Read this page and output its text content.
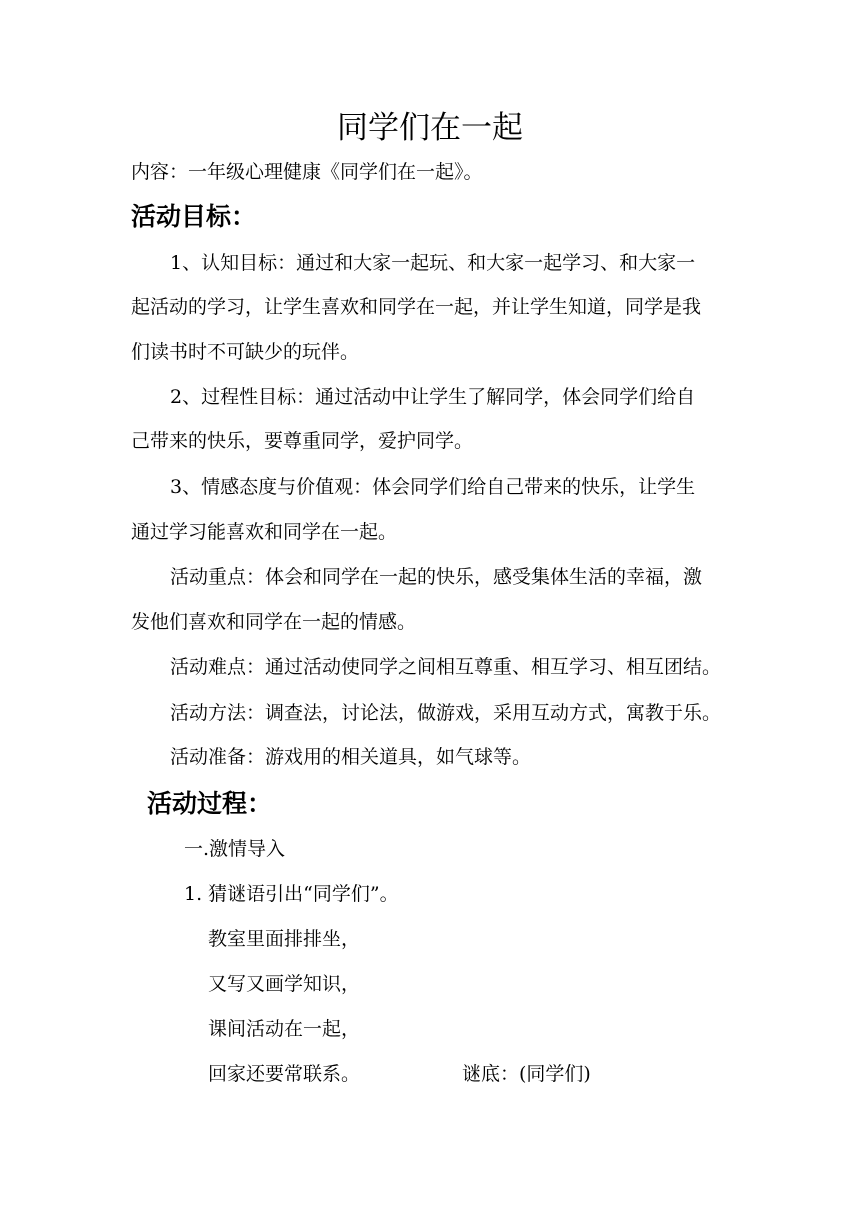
同学们在一起
内容：一年级心理健康《同学们在一起》。
活动目标：
1、认知目标：通过和大家一起玩、和大家一起学习、和大家一
起活动的学习，让学生喜欢和同学在一起，并让学生知道，同学是我
们读书时不可缺少的玩伴。
2、过程性目标：通过活动中让学生了解同学，体会同学们给自
己带来的快乐，要尊重同学，爱护同学。
3、情感态度与价值观：体会同学们给自己带来的快乐，让学生
通过学习能喜欢和同学在一起。
活动重点：体会和同学在一起的快乐，感受集体生活的幸福，激
发他们喜欢和同学在一起的情感。
活动难点：通过活动使同学之间相互尊重、相互学习、相互团结。
活动方法：调查法，讨论法，做游戏，采用互动方式，寓教于乐。
活动准备：游戏用的相关道具，如气球等。
活动过程：
一.激情导入
1. 猜谜语引出“同学们”。
教室里面排排坐，
又写又画学知识，
课间活动在一起，
回家还要常联系。	谜底：(同学们)
